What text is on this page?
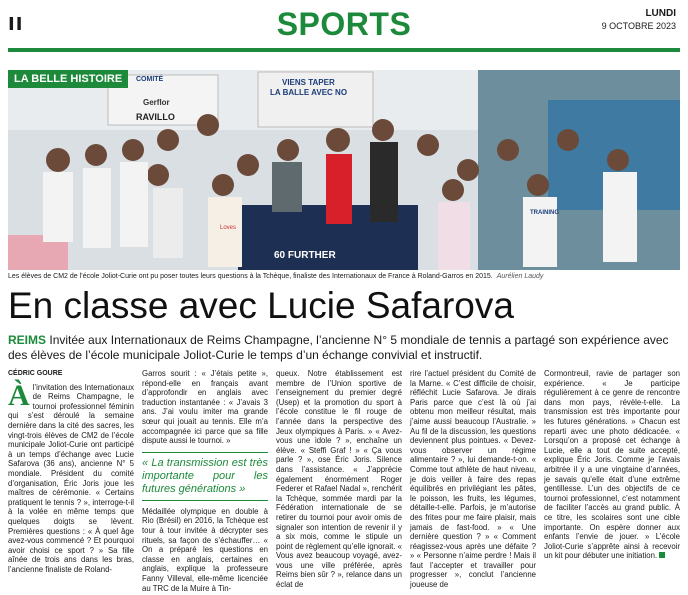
II	SPORTS	LUNDI
9 OCTOBRE 2023
LA BELLE HISTOIRE	COMITÉ
Gerflor
RAVILLO
VIENS TAPER
LA BALLE AVEC NO
60 FURTHER
Loves
TRAINING
Les élèves de CM2 de l’école Joliot-Curie ont pu poser toutes leurs questions à la Tchèque, finaliste des Internationaux de France à Roland-Garros en 2015. Aurélien Laudy
En classe avec Lucie Safarova
REIMS Invitée aux Internationaux de Reims Champagne, l’ancienne N° 5 mondiale de tennis a partagé son expérience avec des élèves de l’école municipale Joliot-Curie le temps d’un échange convivial et instructif.
CÉDRIC GOURE
À l’invitation des Internationaux de Reims Champagne, le tournoi professionnel féminin qui s’est déroulé la semaine dernière dans la cité des sacres, les vingt-trois élèves de CM2 de l’école municipale Joliot-Curie ont participé à un temps d’échange avec Lucie Safarova (36 ans), ancienne N° 5 mondiale. Président du comité d’organisation, Éric Joris joue les maîtres de cérémonie. « Certains pratiquent le tennis ? », interroge-t-il à la volée en même temps que quelques doigts se lèvent. Premières questions : « À quel âge avez-vous commencé ? Et pourquoi avoir choisi ce sport ? » Sa fille aînée de trois ans dans les bras, l’ancienne finaliste de Roland-
Garros sourit : « J’étais petite », répond-elle en français avant d’approfondir en anglais avec traduction instantanée : « J’avais 3 ans. J’ai voulu imiter ma grande sœur qui jouait au tennis. Elle m’a accompagnée ici parce que sa fille dispute aussi le tournoi. »
« La transmission est très importante pour les futures générations »
Médaillée olympique en double à Rio (Brésil) en 2016, la Tchèque est tour à tour invitée à décrypter ses rituels, sa façon de s’échauffer… « On a préparé les questions en classe en anglais, certaines en anglais, explique la professeure Fanny Villeval, elle-même licenciée au TRC de la Muire à Tin-
queux. Notre établissement est membre de l’Union sportive de l’enseignement du premier degré (Usep) et la promotion du sport à l’école constitue le fil rouge de l’année dans la perspective des Jeux olympiques à Paris. » « Avez-vous une idole ? », enchaîne un élève. « Steffi Graf ! » « Ça vous parle ? », ose Éric Joris. Silence dans l’assistance. « J’apprécie également énormément Roger Federer et Rafael Nadal », renchérit la Tchèque, sommée mardi par la Fédération internationale de se retirer du tournoi pour avoir omis de signaler son intention de revenir il y a six mois, comme le stipule un point de règlement qu’elle ignorait. « Vous avez beaucoup voyagé, avez-vous une ville préférée, après Reims bien sûr ? », relance dans un éclat de
rire l’actuel président du Comité de la Marne. « C’est difficile de choisir, réfléchit Lucie Safarova. Je dirais Paris parce que c’est là où j’ai obtenu mon meilleur résultat, mais j’aime aussi beaucoup l’Australie. » Au fil de la discussion, les questions deviennent plus pointues. « Devez-vous observer un régime alimentaire ? », lui demande-t-on. « Comme tout athlète de haut niveau, je dois veiller à faire des repas équilibrés en privilégiant les pâtes, le poisson, les fruits, les légumes, détaille-t-elle. Parfois, je m’autorise des frites pour me faire plaisir, mais jamais de fast-food. » « Une dernière question ? » « Comment réagissez-vous après une défaite ? » « Personne n’aime perdre ! Mais il faut l’accepter et travailler pour progresser », conclut l’ancienne joueuse de
Cormontreuil, ravie de partager son expérience. « Je participe régulièrement à ce genre de rencontre dans mon pays, révèle-t-elle. La transmission est très importante pour les futures générations. » Chacun est reparti avec une photo dédicacée. « Lorsqu’on a proposé cet échange à Lucie, elle a tout de suite accepté, explique Éric Joris. Comme je l’avais arbitrée il y a une vingtaine d’années, je savais qu’elle était d’une extrême gentillesse. L’un des objectifs de ce tournoi professionnel, c’est notamment de faciliter l’accès au grand public. À ce titre, les scolaires sont une cible importante. On espère donner aux enfants l’envie de jouer. » L’école Joliot-Curie s’apprête ainsi à recevoir un kit pour débuter une initiation.
